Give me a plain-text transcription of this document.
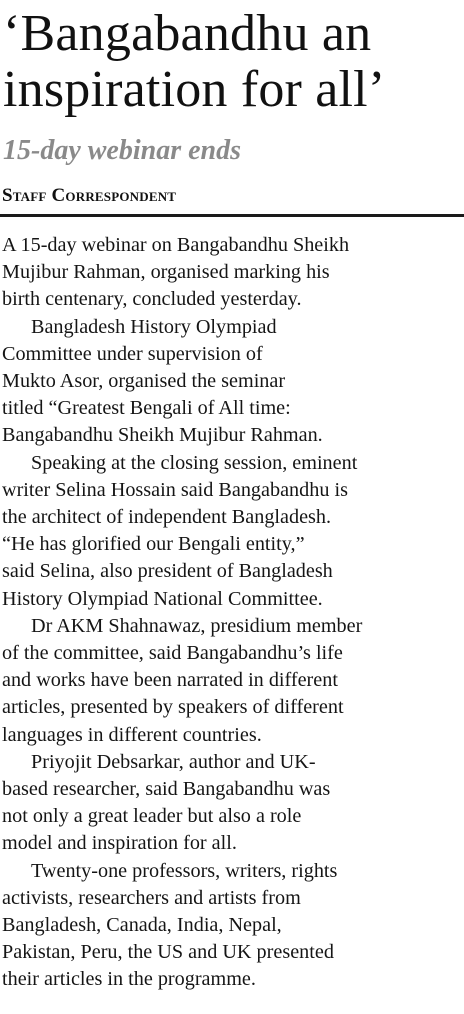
‘Bangabandhu an
inspiration for all’
15-day webinar ends
Staff Correspondent

A 15-day webinar on Bangabandhu Sheikh
Mujibur Rahman, organised marking his
birth centenary, concluded yesterday.

Bangladesh History Olympiad
Committee under supervision of
Mukto Asor, organised the seminar
titled “Greatest Bengali of All time:
Bangabandhu Sheikh Mujibur Rahman.

Speaking at the closing session, eminent
writer Selina Hossain said Bangabandhu is
the architect of independent Bangladesh.
“He has glorified our Bengali entity,”
said Selina, also president of Bangladesh
History Olympiad National Committee.

Dr AKM Shahnawaz, presidium member
of the committee, said Bangabandhu’s life
and works have been narrated in different
articles, presented by speakers of different
languages in different countries.

Priyojit Debsarkar, author and UK-
based researcher, said Bangabandhu was
not only a great leader but also a role
model and inspiration for all.

Twenty-one professors, writers, rights
activists, researchers and artists from
Bangladesh, Canada, India, Nepal,
Pakistan, Peru, the US and UK presented
their articles in the programme.
